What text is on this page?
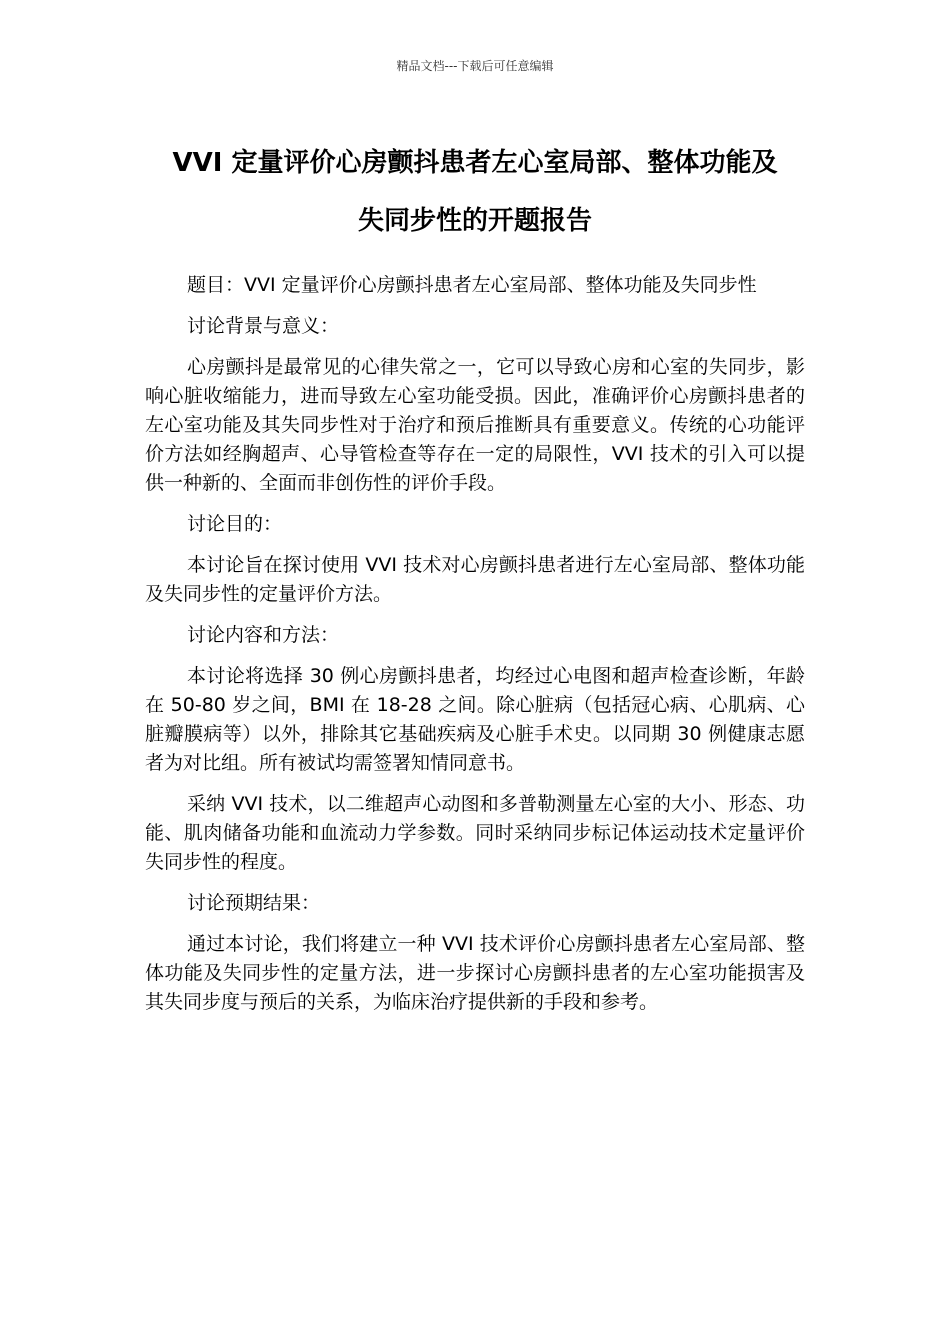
精品文档---下载后可任意编辑
VVI 定量评价心房颤抖患者左心室局部、整体功能及
失同步性的开题报告

题目：VVI 定量评价心房颤抖患者左心室局部、整体功能及失同步性

讨论背景与意义：

心房颤抖是最常见的心律失常之一，它可以导致心房和心室的失同步，影响心脏收缩能力，进而导致左心室功能受损。因此，准确评价心房颤抖患者的左心室功能及其失同步性对于治疗和预后推断具有重要意义。传统的心功能评价方法如经胸超声、心导管检查等存在一定的局限性，VVI 技术的引入可以提供一种新的、全面而非创伤性的评价手段。

讨论目的：

本讨论旨在探讨使用 VVI 技术对心房颤抖患者进行左心室局部、整体功能及失同步性的定量评价方法。

讨论内容和方法：

本讨论将选择 30 例心房颤抖患者，均经过心电图和超声检查诊断，年龄在 50-80 岁之间，BMI 在 18-28 之间。除心脏病（包括冠心病、心肌病、心脏瓣膜病等）以外，排除其它基础疾病及心脏手术史。以同期 30 例健康志愿者为对比组。所有被试均需签署知情同意书。

采纳 VVI 技术，以二维超声心动图和多普勒测量左心室的大小、形态、功能、肌肉储备功能和血流动力学参数。同时采纳同步标记体运动技术定量评价失同步性的程度。

讨论预期结果：

通过本讨论，我们将建立一种 VVI 技术评价心房颤抖患者左心室局部、整体功能及失同步性的定量方法，进一步探讨心房颤抖患者的左心室功能损害及其失同步度与预后的关系，为临床治疗提供新的手段和参考。
